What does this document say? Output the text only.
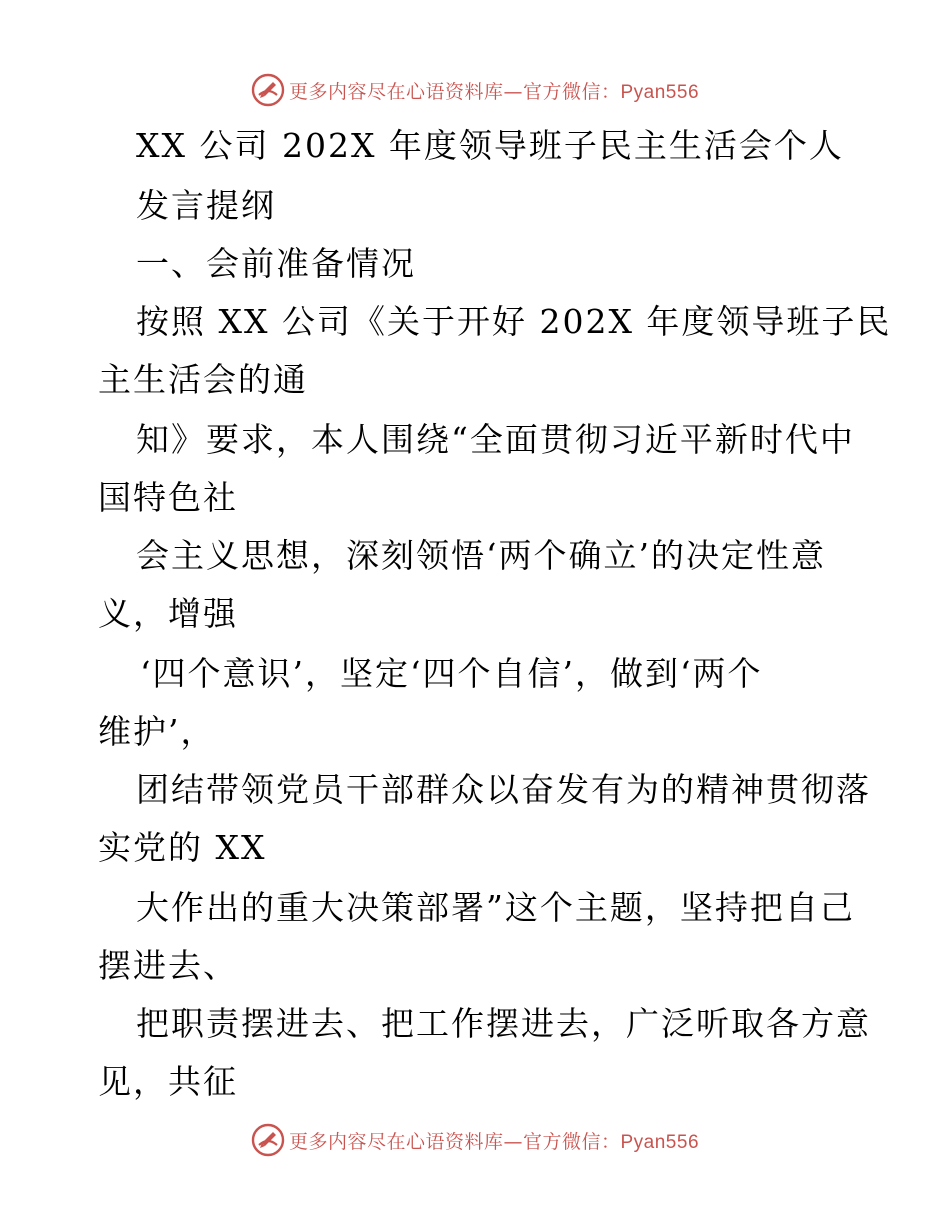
更多内容尽在心语资料库—官方微信：Pyan556
XX 公司 202X 年度领导班子民主生活会个人
发言提纲
一、会前准备情况
按照 XX 公司《关于开好 202X 年度领导班子民
主生活会的通
知》要求，本人围绕“全面贯彻习近平新时代中
国特色社
会主义思想，深刻领悟‘两个确立’的决定性意
义，增强
‘四个意识’，坚定‘四个自信’，做到‘两个
维护’，
团结带领党员干部群众以奋发有为的精神贯彻落
实党的 XX
大作出的重大决策部署”这个主题，坚持把自己
摆进去、
把职责摆进去、把工作摆进去，广泛听取各方意
见，共征
更多内容尽在心语资料库—官方微信：Pyan556
